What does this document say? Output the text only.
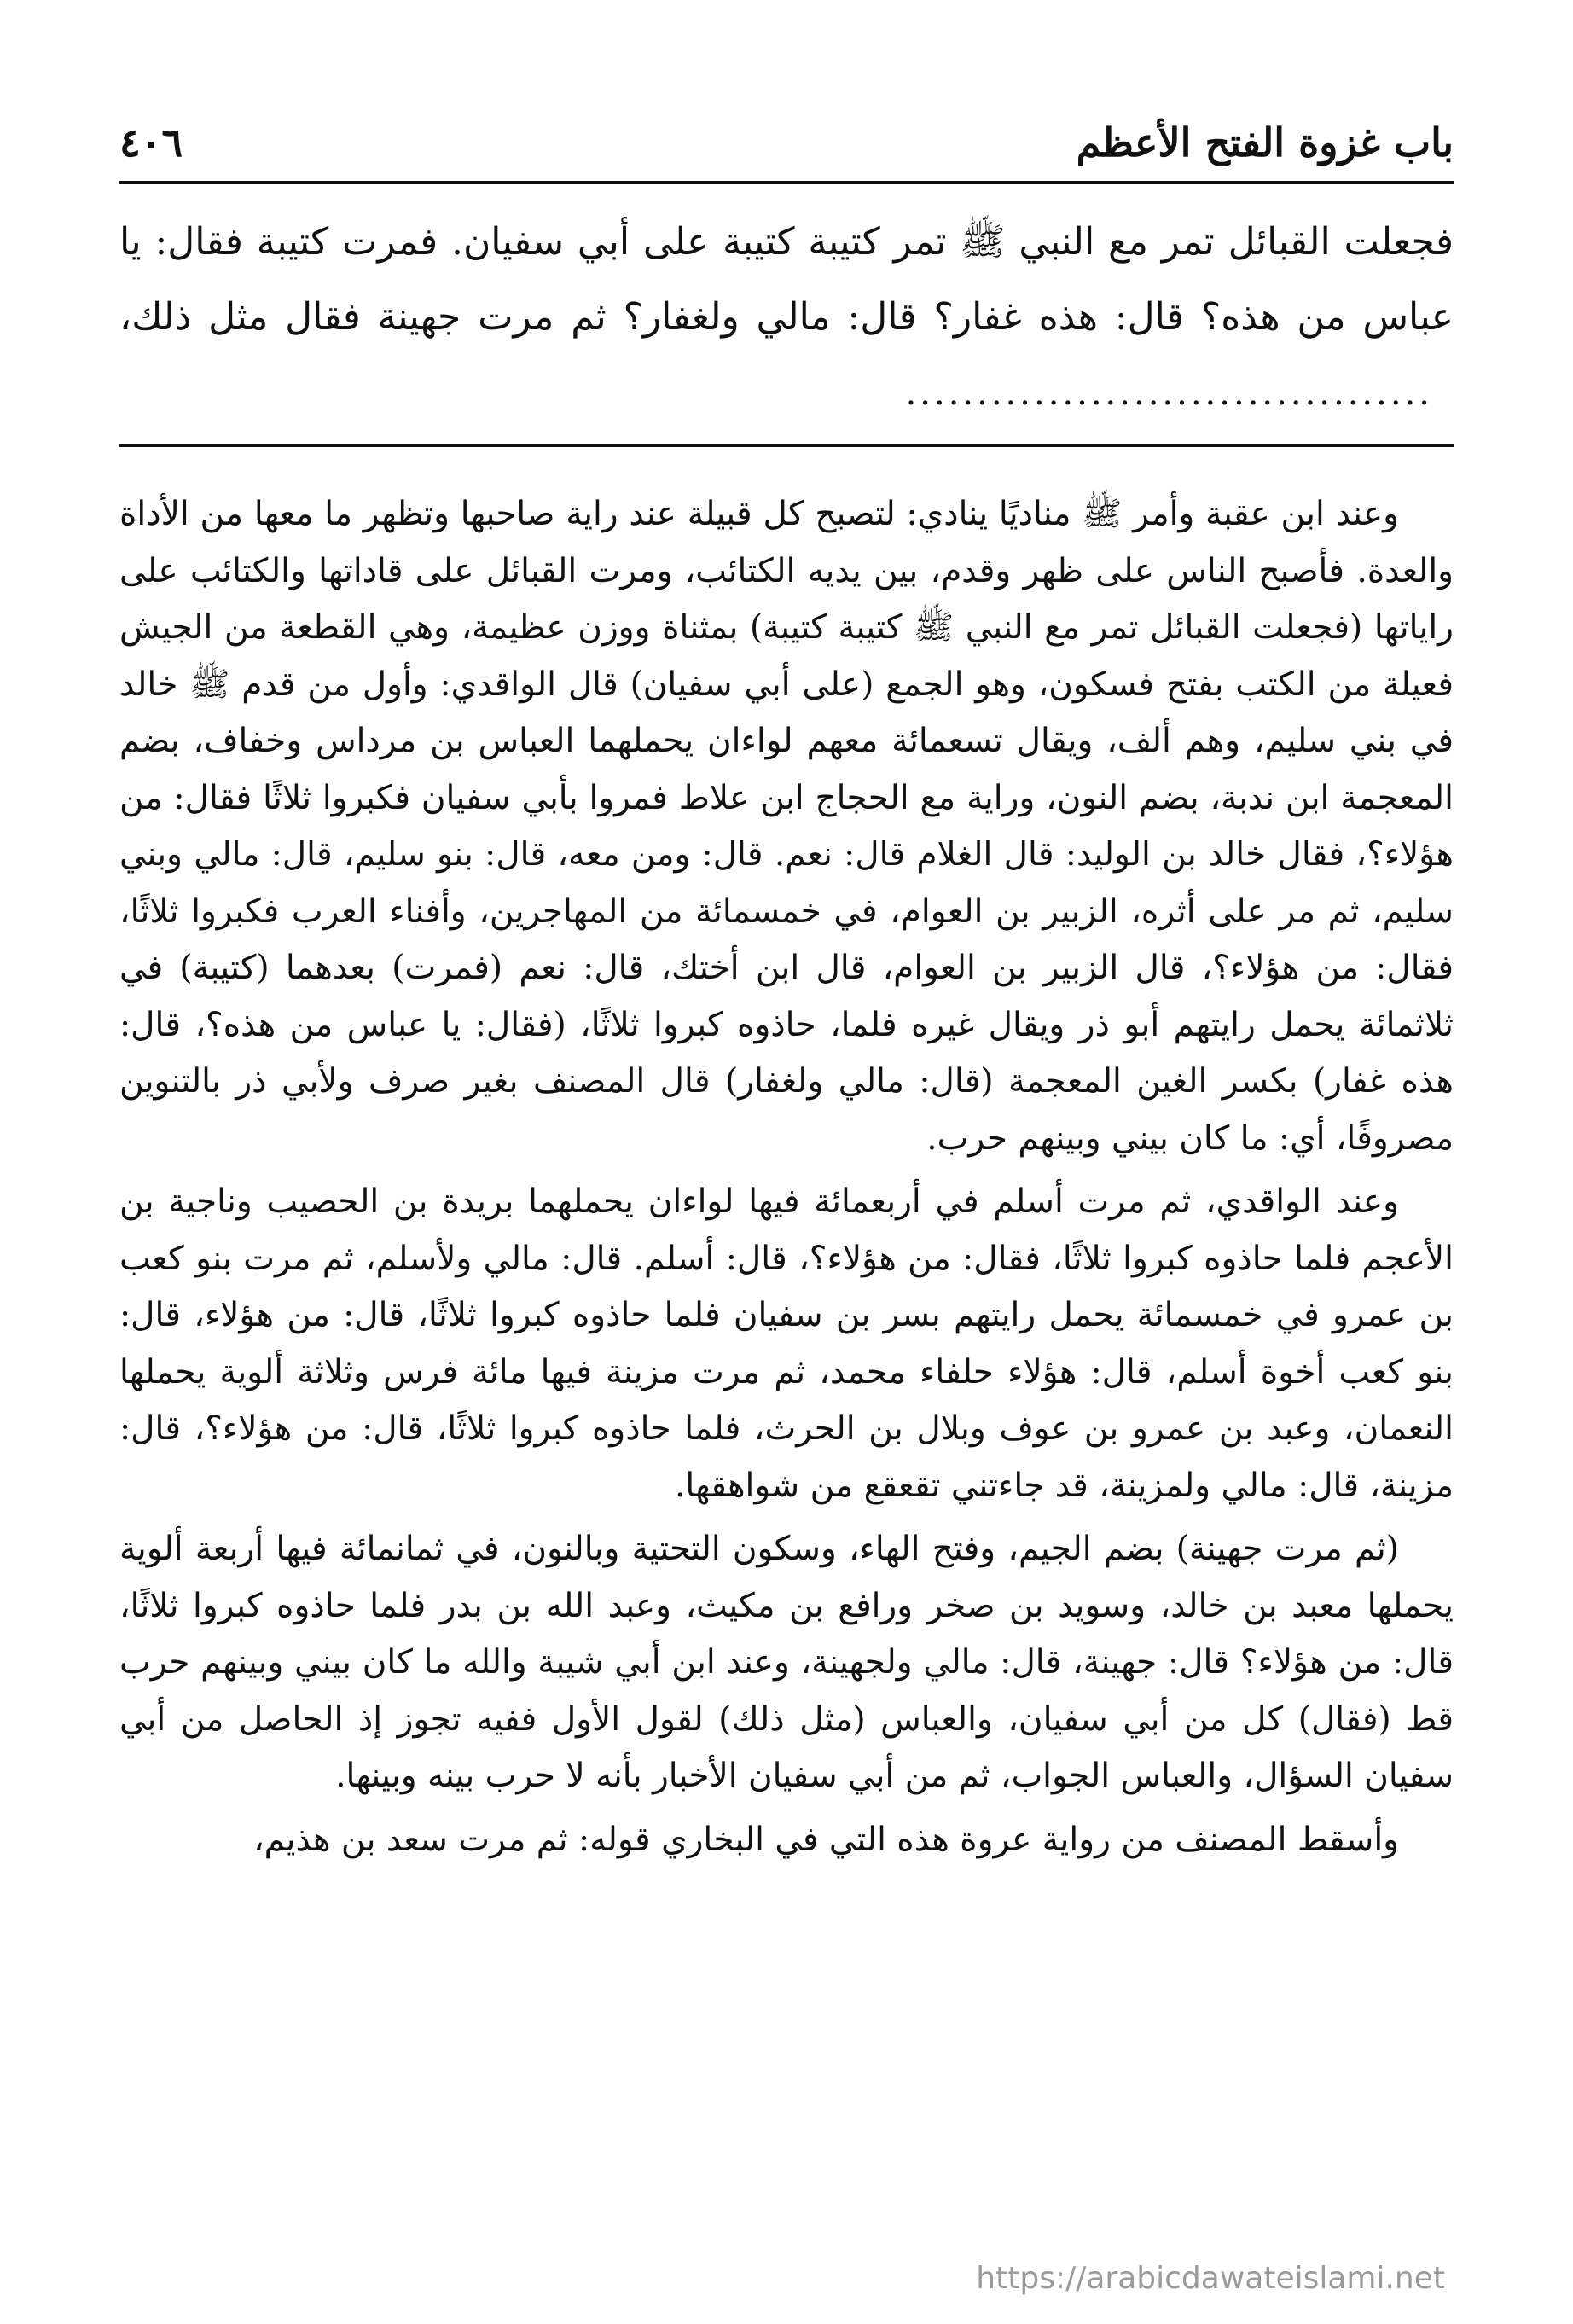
باب غزوة الفتح الأعظم
٤٠٦
فجعلت القبائل تمر مع النبي ﷺ تمر كتيبة كتيبة على أبي سفيان. فمرت كتيبة فقال: يا عباس من هذه؟ قال: هذه غفار؟ قال: مالي ولغفار؟ ثم مرت جهينة فقال مثل ذلك،.....................................

وعند ابن عقبة وأمر ﷺ مناديًا ينادي: لتصبح كل قبيلة عند راية صاحبها وتظهر ما معها من الأداة والعدة. فأصبح الناس على ظهر وقدم، بين يديه الكتائب، ومرت القبائل على قاداتها والكتائب على راياتها (فجعلت القبائل تمر مع النبي ﷺ كتيبة كتيبة) بمثناة ووزن عظيمة، وهي القطعة من الجيش فعيلة من الكتب بفتح فسكون، وهو الجمع (على أبي سفيان) قال الواقدي: وأول من قدم ﷺ خالد في بني سليم، وهم ألف، ويقال تسعمائة معهم لواءان يحملهما العباس بن مرداس وخفاف، بضم المعجمة ابن ندبة، بضم النون، وراية مع الحجاج ابن علاط فمروا بأبي سفيان فكبروا ثلاثًا فقال: من هؤلاء؟، فقال خالد بن الوليد: قال الغلام قال: نعم. قال: ومن معه، قال: بنو سليم، قال: مالي وبني سليم، ثم مر على أثره، الزبير بن العوام، في خمسمائة من المهاجرين، وأفناء العرب فكبروا ثلاثًا، فقال: من هؤلاء؟، قال الزبير بن العوام، قال ابن أختك، قال: نعم (فمرت) بعدهما (كتيبة) في ثلاثمائة يحمل رايتهم أبو ذر ويقال غيره فلما، حاذوه كبروا ثلاثًا، (فقال: يا عباس من هذه؟، قال: هذه غفار) بكسر الغين المعجمة (قال: مالي ولغفار) قال المصنف بغير صرف ولأبي ذر بالتنوين مصروفًا، أي: ما كان بيني وبينهم حرب.

وعند الواقدي، ثم مرت أسلم في أربعمائة فيها لواءان يحملهما بريدة بن الحصيب وناجية بن الأعجم فلما حاذوه كبروا ثلاثًا، فقال: من هؤلاء؟، قال: أسلم. قال: مالي ولأسلم، ثم مرت بنو كعب بن عمرو في خمسمائة يحمل رايتهم بسر بن سفيان فلما حاذوه كبروا ثلاثًا، قال: من هؤلاء، قال: بنو كعب أخوة أسلم، قال: هؤلاء حلفاء محمد، ثم مرت مزينة فيها مائة فرس وثلاثة ألوية يحملها النعمان، وعبد بن عمرو بن عوف وبلال بن الحرث، فلما حاذوه كبروا ثلاثًا، قال: من هؤلاء؟، قال: مزينة، قال: مالي ولمزينة، قد جاءتني تقعقع من شواهقها.

(ثم مرت جهينة) بضم الجيم، وفتح الهاء، وسكون التحتية وبالنون، في ثمانمائة فيها أربعة ألوية يحملها معبد بن خالد، وسويد بن صخر ورافع بن مكيث، وعبد الله بن بدر فلما حاذوه كبروا ثلاثًا، قال: من هؤلاء؟ قال: جهينة، قال: مالي ولجهينة، وعند ابن أبي شيبة والله ما كان بيني وبينهم حرب قط (فقال) كل من أبي سفيان، والعباس (مثل ذلك) لقول الأول ففيه تجوز إذ الحاصل من أبي سفيان السؤال، والعباس الجواب، ثم من أبي سفيان الأخبار بأنه لا حرب بينه وبينها.

وأسقط المصنف من رواية عروة هذه التي في البخاري قوله: ثم مرت سعد بن هذيم،

https://arabicdawateislami.net
